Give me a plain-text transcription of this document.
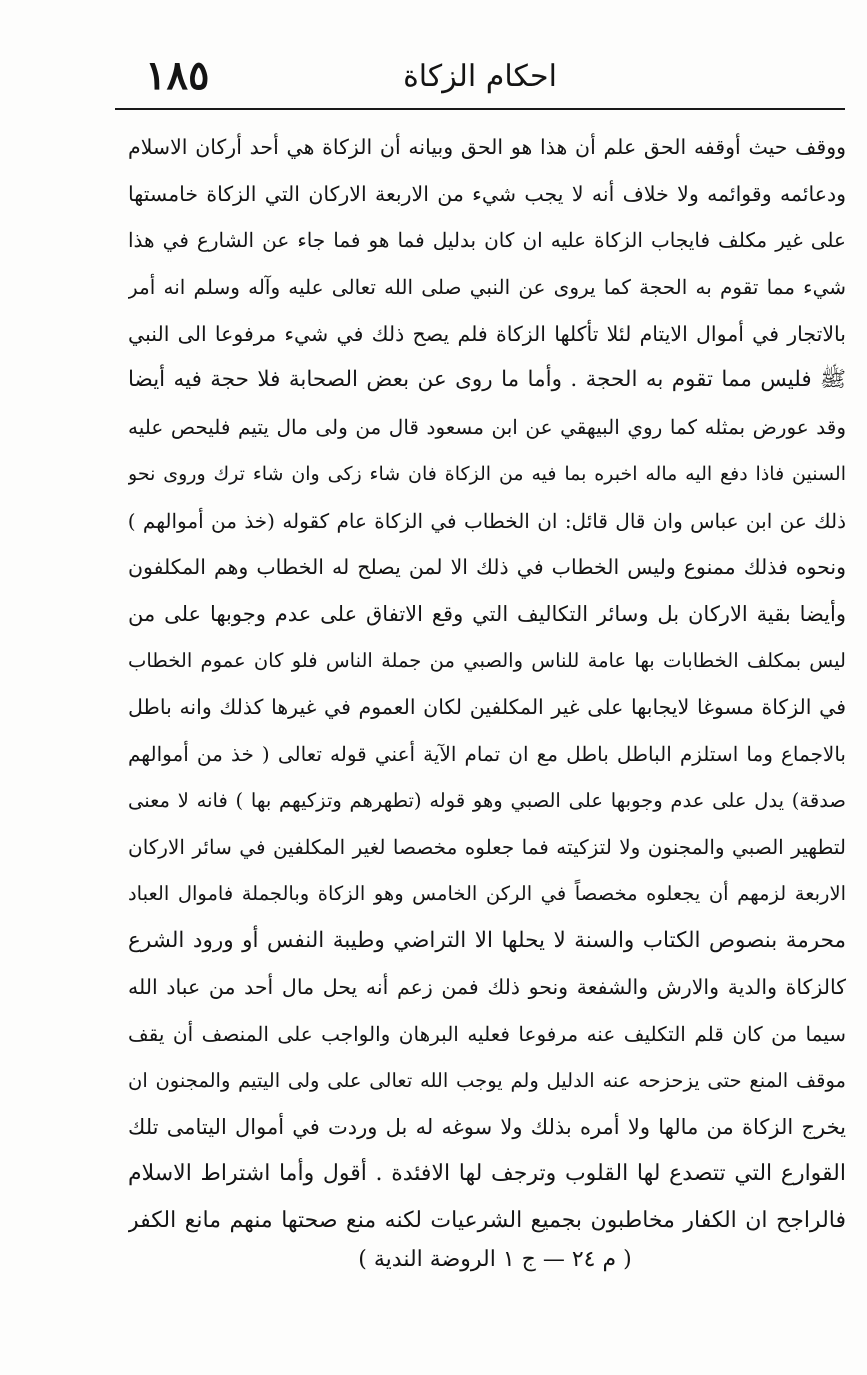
١٨٥	احكام الزكاة
ووقف حيث أوقفه الحق علم أن هذا هو الحق وبيانه أن الزكاة هي أحد أركان الاسلام
ودعائمه وقوائمه ولا خلاف أنه لا يجب شيء من الاربعة الاركان التي الزكاة خامستها
على غير مكلف فايجاب الزكاة عليه ان كان بدليل فما هو فما جاء عن الشارع في هذا
شيء مما تقوم به الحجة كما يروى عن النبي صلى الله تعالى عليه وآله وسلم انه أمر
بالاتجار في أموال الايتام لئلا تأكلها الزكاة فلم يصح ذلك في شيء مرفوعا الى النبي
ﷺ فليس مما تقوم به الحجة . وأما ما روى عن بعض الصحابة فلا حجة فيه أيضا
وقد عورض بمثله كما روي البيهقي عن ابن مسعود قال من ولى مال يتيم فليحص عليه
السنين فاذا دفع اليه ماله اخبره بما فيه من الزكاة فان شاء زكى وان شاء ترك وروى نحو
ذلك عن ابن عباس وان قال قائل: ان الخطاب في الزكاة عام كقوله (خذ من أموالهم )
ونحوه فذلك ممنوع وليس الخطاب في ذلك الا لمن يصلح له الخطاب وهم المكلفون
وأيضا بقية الاركان بل وسائر التكاليف التي وقع الاتفاق على عدم وجوبها على من
ليس بمكلف الخطابات بها عامة للناس والصبي من جملة الناس فلو كان عموم الخطاب
في الزكاة مسوغا لايجابها على غير المكلفين لكان العموم في غيرها كذلك وانه باطل
بالاجماع وما استلزم الباطل باطل مع ان تمام الآية أعني قوله تعالى ( خذ من أموالهم
صدقة) يدل على عدم وجوبها على الصبي وهو قوله (تطهرهم وتزكيهم بها ) فانه لا معنى
لتطهير الصبي والمجنون ولا لتزكيته فما جعلوه مخصصا لغير المكلفين في سائر الاركان
الاربعة لزمهم أن يجعلوه مخصصاً في الركن الخامس وهو الزكاة وبالجملة فاموال العباد
محرمة بنصوص الكتاب والسنة لا يحلها الا التراضي وطيبة النفس أو ورود الشرع
كالزكاة والدية والارش والشفعة ونحو ذلك فمن زعم أنه يحل مال أحد من عباد الله
سيما من كان قلم التكليف عنه مرفوعا فعليه البرهان والواجب على المنصف أن يقف
موقف المنع حتى يزحزحه عنه الدليل ولم يوجب الله تعالى على ولى اليتيم والمجنون ان
يخرج الزكاة من مالها ولا أمره بذلك ولا سوغه له بل وردت في أموال اليتامى تلك
القوارع التي تتصدع لها القلوب وترجف لها الافئدة . أقول وأما اشتراط الاسلام
فالراجح ان الكفار مخاطبون بجميع الشرعيات لكنه منع صحتها منهم مانع الكفر
( م ٢٤ — ج ١ الروضة الندية )
